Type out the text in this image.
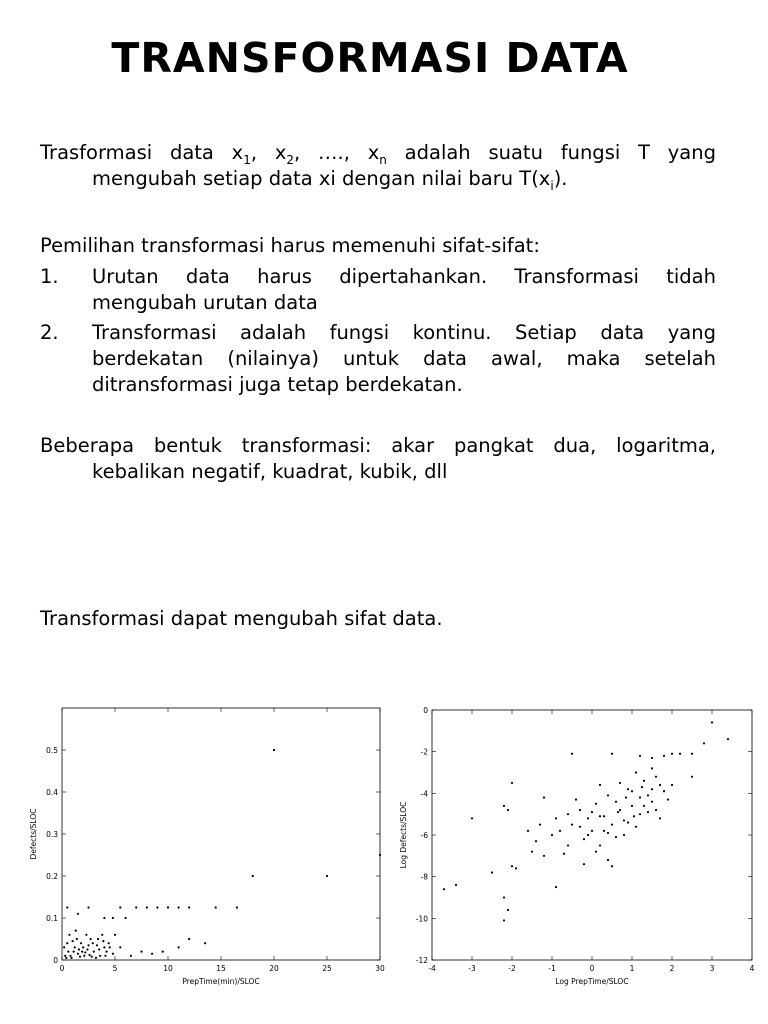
TRANSFORMASI DATA
Trasformasi data $x_1$, $x_2$, …., $x_n$ adalah suatu fungsi T yang
mengubah setiap data xi dengan nilai baru $T(x_i)$.
Pemilihan transformasi harus memenuhi sifat-sifat:
1. Urutan data harus dipertahankan. Transformasi tidah
mengubah urutan data
2. Transformasi adalah fungsi kontinu. Setiap data yang
berdekatan (nilainya) untuk data awal, maka setelah
ditransformasi juga tetap berdekatan.
Beberapa bentuk transformasi: akar pangkat dua, logaritma,
kebalikan negatif, kuadrat, kubik, dll
Transformasi dapat mengubah sifat data.
0	5	10	15	20	25	30
0
0.1
0.2
0.3
0.4
0.5
PrepTime(min)/SLOC
Defects/SLOC
-4	-3	-2	-1	0	1	2	3	4
0
-2
-4
-6
-8
-10
-12
Log PrepTime/SLOC
Log Defects/SLOC
